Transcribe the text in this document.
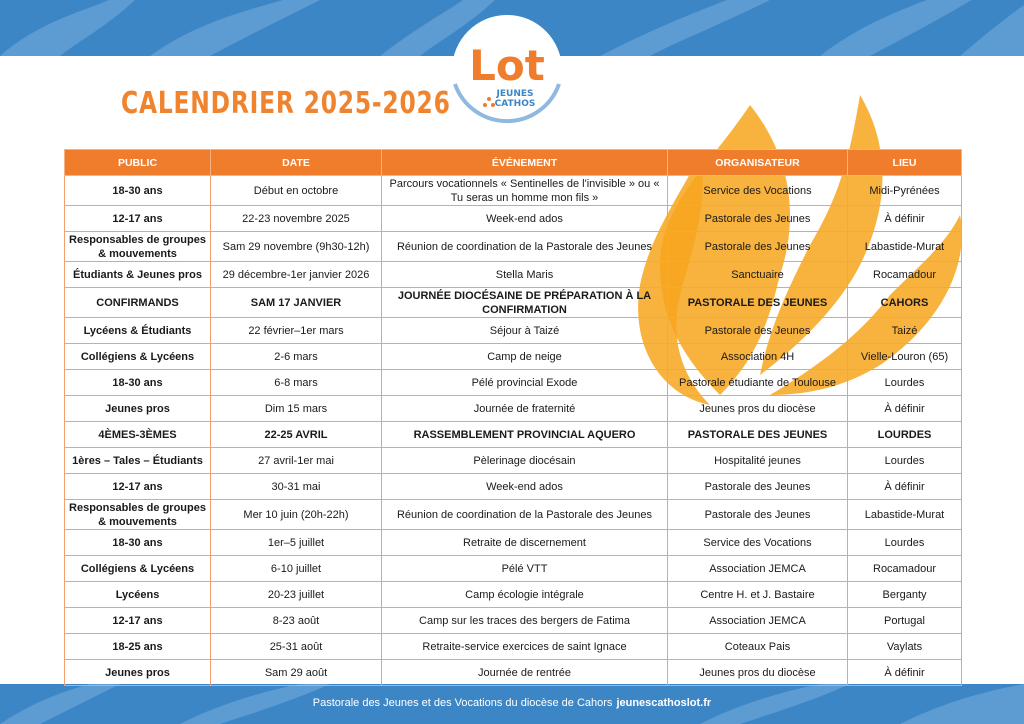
Pastorale des Jeunes et des Vocations du diocèse de Cahors jeunescathoslot.fr
Lot
JEUNES
CATHOS
CALENDRIER 2025-2026
PUBLIC	DATE	ÉVÉNEMENT	ORGANISATEUR	LIEU
18-30 ans	Début en octobre	Parcours vocationnels « Sentinelles de l'invisible » ou « Tu seras un homme mon fils »	Service des Vocations	Midi-Pyrénées
12-17 ans	22-23 novembre 2025	Week-end ados	Pastorale des Jeunes	À définir
Responsables de groupes & mouvements	Sam 29 novembre (9h30-12h)	Réunion de coordination de la Pastorale des Jeunes	Pastorale des Jeunes	Labastide-Murat
Étudiants & Jeunes pros	29 décembre-1er janvier 2026	Stella Maris	Sanctuaire	Rocamadour
CONFIRMANDS	SAM 17 JANVIER	JOURNÉE DIOCÉSAINE DE PRÉPARATION À LA CONFIRMATION	PASTORALE DES JEUNES	CAHORS
Lycéens & Étudiants	22 février–1er mars	Séjour à Taizé	Pastorale des Jeunes	Taizé
Collégiens & Lycéens	2-6 mars	Camp de neige	Association 4H	Vielle-Louron (65)
18-30 ans	6-8 mars	Pélé provincial Exode	Pastorale étudiante de Toulouse	Lourdes
Jeunes pros	Dim 15 mars	Journée de fraternité	Jeunes pros du diocèse	À définir
4ÈMES-3ÈMES	22-25 AVRIL	RASSEMBLEMENT PROVINCIAL AQUERO	PASTORALE DES JEUNES	LOURDES
1ères – Tales – Étudiants	27 avril-1er mai	Pèlerinage diocésain	Hospitalité jeunes	Lourdes
12-17 ans	30-31 mai	Week-end ados	Pastorale des Jeunes	À définir
Responsables de groupes & mouvements	Mer 10 juin (20h-22h)	Réunion de coordination de la Pastorale des Jeunes	Pastorale des Jeunes	Labastide-Murat
18-30 ans	1er–5 juillet	Retraite de discernement	Service des Vocations	Lourdes
Collégiens & Lycéens	6-10 juillet	Pélé VTT	Association JEMCA	Rocamadour
Lycéens	20-23 juillet	Camp écologie intégrale	Centre H. et J. Bastaire	Berganty
12-17 ans	8-23 août	Camp sur les traces des bergers de Fatima	Association JEMCA	Portugal
18-25 ans	25-31 août	Retraite-service exercices de saint Ignace	Coteaux Pais	Vaylats
Jeunes pros	Sam 29 août	Journée de rentrée	Jeunes pros du diocèse	À définir
